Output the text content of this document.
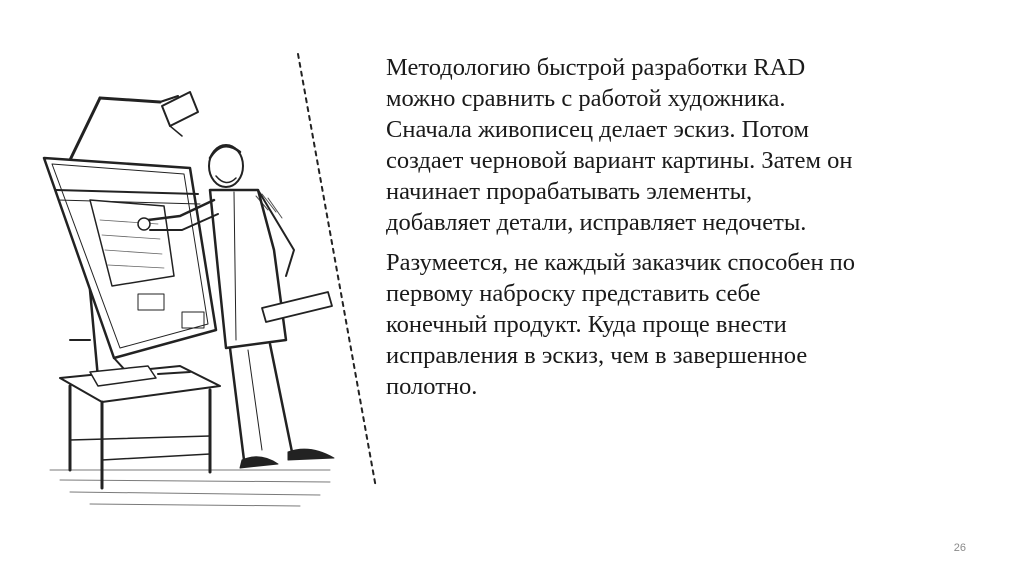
Методологию быстрой разработки RAD
можно сравнить с работой художника.
Сначала живописец делает эскиз. Потом
создает черновой вариант картины. Затем он
начинает прорабатывать элементы,
добавляет детали, исправляет недочеты.

Разумеется, не каждый заказчик способен по
первому наброску представить себе
конечный продукт. Куда проще внести
исправления в эскиз, чем в завершенное
полотно.

26
